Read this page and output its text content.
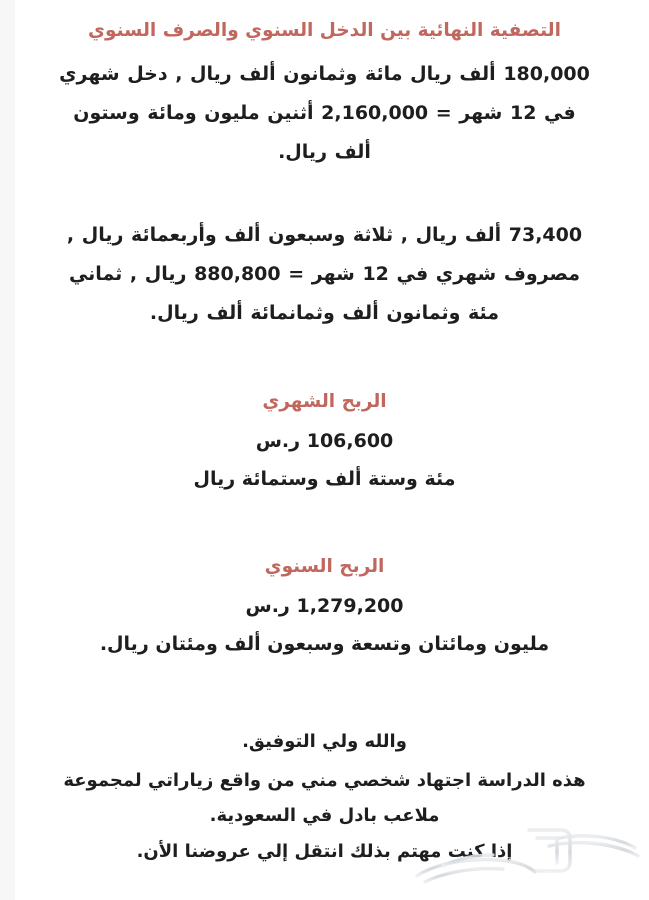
التصفية النهائية بين الدخل السنوي والصرف السنوي

180,000 ألف ريال مائة وثمانون ألف ريال , دخل شهري في 12 شهر = 2,160,000 أثنين مليون ومائة وستون ألف ريال.

73,400 ألف ريال , ثلاثة وسبعون ألف وأربعمائة ريال , مصروف شهري في 12 شهر = 880,800 ريال , ثماني مئة وثمانون ألف وثمانمائة ألف ريال.

الربح الشهري

106,600 ر.س

مئة وستة ألف وستمائة ريال

الربح السنوي

1,279,200 ر.س

مليون ومائتان وتسعة وسبعون ألف ومئتان ريال.

والله ولي التوفيق.

هذه الدراسة اجتهاد شخصي مني من واقع زياراتي لمجموعة

ملاعب بادل في السعودية.

إذا كنت مهتم بذلك انتقل إلي عروضنا الأن.
